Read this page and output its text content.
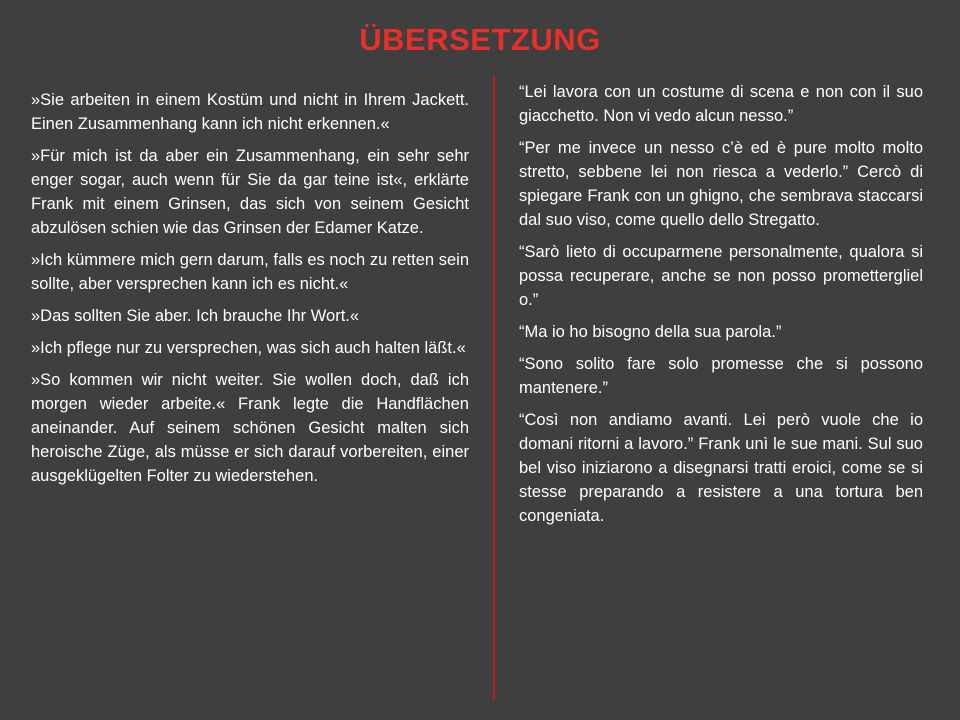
ÜBERSETZUNG

»Sie arbeiten in einem Kostüm und nicht in Ihrem Jackett. Einen Zusammenhang kann ich nicht erkennen.«

»Für mich ist da aber ein Zusammenhang, ein sehr sehr enger sogar, auch wenn für Sie da gar teine ist«, erklärte Frank mit einem Grinsen, das sich von seinem Gesicht abzulösen schien wie das Grinsen der Edamer Katze.

»Ich kümmere mich gern darum, falls es noch zu retten sein sollte, aber versprechen kann ich es nicht.«

»Das sollten Sie aber. Ich brauche Ihr Wort.«

»Ich pflege nur zu versprechen, was sich auch halten läßt.«

»So kommen wir nicht weiter. Sie wollen doch, daß ich morgen wieder arbeite.« Frank legte die Handflächen aneinander. Auf seinem schönen Gesicht malten sich heroische Züge, als müsse er sich darauf vorbereiten, einer ausgeklügelten Folter zu wiederstehen.

“Lei lavora con un costume di scena e non con il suo giacchetto. Non vi vedo alcun nesso.”

“Per me invece un nesso c’è ed è pure molto molto stretto, sebbene lei non riesca a vederlo.” Cercò di spiegare Frank con un ghigno, che sembrava staccarsi dal suo viso, come quello dello Stregatto.

“Sarò lieto di occuparmene personalmente, qualora si possa recuperare, anche se non posso promettergliel o.”

“Ma io ho bisogno della sua parola.”

“Sono solito fare solo promesse che si possono mantenere.”

“Così non andiamo avanti. Lei però vuole che io domani ritorni a lavoro.” Frank unì le sue mani. Sul suo bel viso iniziarono a disegnarsi tratti eroici, come se si stesse preparando a resistere a una tortura ben congeniata.
